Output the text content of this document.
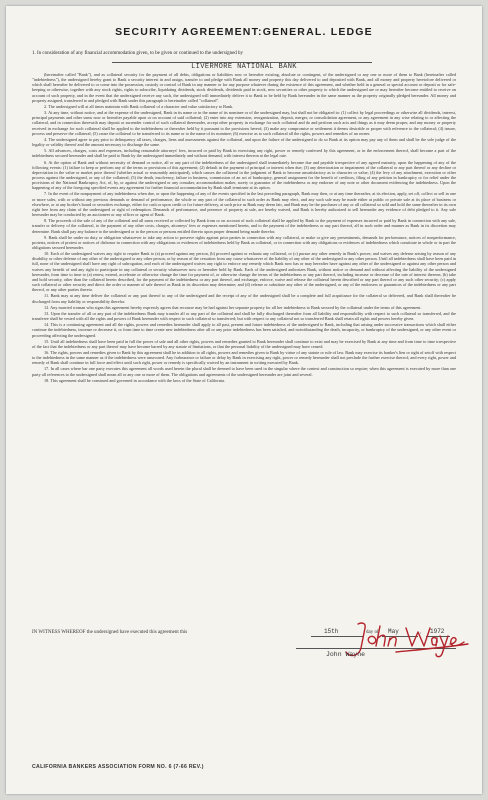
SECURITY AGREEMENT:GENERAL. LEDGE
1. In consideration of any financial accommodation given, to be given or continued to the undersigned by
LIVERMORE NATIONAL BANK

(hereinafter called "Bank"), and as collateral security for the payment of all debts, obligations or liabilities now or hereafter existing, absolute or contingent, of the undersigned or any one or more of them to Bank (hereinafter called "indebtedness"), the undersigned hereby grant to Bank a security interest in and assign, transfer to and pledge with Bank all money and property this day delivered to and deposited with Bank, and all money and property heretofore delivered or which shall hereafter be delivered to or come into the possession, custody or control of Bank in any manner or for any purpose whatever during the existence of this agreement, and whether held in a general or special account or deposit or for safe-keeping or otherwise, together with any stock rights, rights to subscribe, liquidating dividends, stock dividends, dividends paid in stock, new securities or other property to which the undersigned are or may hereafter become entitled to receive on account of such property, and in the event that the undersigned receive any such, the undersigned will immediately deliver it to Bank to be held by Bank hereunder in the same manner as the property originally pledged hereunder. All money and property assigned, transferred to and pledged with Bank under this paragraph is hereinafter called "collateral".

2. The undersigned will at all times maintain with Bank collateral of a character and value satisfactory to Bank.

3. At any time, without notice, and at the expense of the undersigned, Bank in its name or in the name of its nominee or of the undersigned may, but shall not be obligated to: (1) collect by legal proceedings or otherwise all dividends, interest, principal payments and other sums now or hereafter payable upon or on account of said collateral; (2) enter into any extension, reorganization, deposit, merger, or consolidation agreement, or any agreement in any wise relating to or affecting the collateral, and in connection therewith may deposit or surrender control of such collateral thereunder, accept other property in exchange for such collateral and do and perform such acts and things as it may deem proper, and any money or property received in exchange for such collateral shall be applied to the indebtedness or thereafter held by it pursuant to the provisions hereof; (3) make any compromise or settlement it deems desirable or proper with reference to the collateral; (4) insure, process and preserve the collateral; (5) cause the collateral to be transferred to its name or to the name of its nominee; (6) exercise as to such collateral all the rights, powers and remedies of an owner.

4. The undersigned agree to pay prior to delinquency all taxes, charges, liens and assessments against the collateral, and upon the failure of the undersigned to do so Bank at its option may pay any of them and shall be the sole judge of the legality or validity thereof and the amount necessary to discharge the same.

5. All advances, charges, costs and expenses, including reasonable attorneys' fees, incurred or paid by Bank in exercising any right, power or remedy conferred by this agreement, or in the enforcement thereof, shall become a part of the indebtedness secured hereunder and shall be paid to Bank by the undersigned immediately and without demand, with interest thereon at the legal rate.

6. At the option of Bank and without necessity of demand or notice, all or any part of the indebtedness of the undersigned shall immediately become due and payable irrespective of any agreed maturity, upon the happening of any of the following events: (1) failure to keep or perform any of the terms or provisions of this agreement; (2) default in the payment of principal or interest when due; (3) any deterioration or impairment of the collateral or any part thereof or any decline or depreciation in the value or market price thereof (whether actual or reasonably anticipated), which causes the collateral in the judgment of Bank to become unsatisfactory as to character or value; (4) the levy of any attachment, execution or other process against the undersigned, or any of the collateral; (5) the death, insolvency, failure in business, commission of an act of bankruptcy, general assignment for the benefit of creditors, filing of any petition in bankruptcy or for relief under the provisions of the National Bankruptcy Act, of, by, or against the undersigned or any comaker, accommodation maker, surety or guarantor of the indebtedness or any endorser of any note or other document evidencing the indebtedness. Upon the happening of any of the foregoing specified events any agreement for further financial accommodation by Bank shall terminate at its option.

7. In the event of the nonpayment of any indebtedness when due, or upon the happening of any of the events specified in the last preceding paragraph, Bank may then, or at any time thereafter, at its election, apply, set off, collect or sell in one or more sales, with or without any previous demands or demand of performance, the whole or any part of the collateral in such order as Bank may elect, and any such sale may be made either at public or private sale at its place of business or elsewhere, or at any broker's board or securities exchange, either for cash or upon credit or for future delivery, at such price as Bank may deem fair, and Bank may be the purchaser of any or all collateral so sold and hold the same thereafter in its own right free from any claim of the undersigned or right of redemption. Demands of performance, and presence of property at sale, are hereby waived, and Bank is hereby authorized to sell hereunder any evidence of debt pledged to it. Any sale hereunder may be conducted by an auctioneer or any officer or agent of Bank.

8. The proceeds of the sale of any of the collateral and all sums received or collected by Bank from or on account of such collateral shall be applied by Bank to the payment of expenses incurred or paid by Bank in connection with any sale, transfer or delivery of the collateral, to the payment of any other costs, charges, attorneys' fees or expenses mentioned herein, and to the payment of the indebtedness or any part thereof, all in such order and manner as Bank in its discretion may determine. Bank shall pay any balance to the undersigned or to the person or persons entitled thereto upon proper demand being made therefor.

9. Bank shall be under no duty or obligation whatsoever to take any action to preserve rights against prior parties in connection with any collateral, or make or give any presentments, demands for performance, notices of nonperformance, protests, notices of protest or notices of dishonor in connection with any obligations or evidences of indebtedness held by Bank as collateral, or in connection with any obligations or evidences of indebtedness which constitute in whole or in part the obligations secured hereunder.

10. Each of the undersigned waives any right to require Bank to (a) proceed against any person, (b) proceed against or exhaust any collateral, or (c) pursue any other remedy in Bank's power; and waives any defense arising by reason of any disability or other defense of any other of the undersigned or any other person, or by reason of the cessation from any cause whatsoever of the liability of any other of the undersigned or any other person. Until all indebtedness shall have been paid in full, none of the undersigned shall have any right of subrogation, and each of the undersigned waives any right to enforce any remedy which Bank now has or may hereafter have against any other of the undersigned or against any other person and waives any benefit of and any right to participate in any collateral or security whatsoever now or hereafter held by Bank. Each of the undersigned authorizes Bank, without notice or demand and without affecting the liability of the undersigned hereunder, from time to time to (a) renew, extend, accelerate or otherwise change the time for payment of, or otherwise change the terms of the indebtedness or any part thereof, including increase or decrease of the rate of interest thereon; (b) take and hold security, other than the collateral herein described, for the payment of the indebtedness or any part thereof, and exchange, enforce, waive and release the collateral herein described or any part thereof or any such other security; (c) apply such collateral or other security and direct the order or manner of sale thereof as Bank in its discretion may determine; and (d) release or substitute any other of the undersigned, or any of the endorsers or guarantors of the indebtedness or any part thereof, or any other parties thereto.

11. Bank may at any time deliver the collateral or any part thereof to any of the undersigned and the receipt of any of the undersigned shall be a complete and full acquittance for the collateral so delivered, and Bank shall thereafter be discharged from any liability or responsibility therefor.

12. Any married woman who signs this agreement hereby expressly agrees that recourse may be had against her separate property for all her indebtedness to Bank secured by the collateral under the terms of this agreement.

13. Upon the transfer of all or any part of the indebtedness Bank may transfer all or any part of the collateral and shall be fully discharged thereafter from all liability and responsibility with respect to such collateral so transferred, and the transferee shall be vested with all the rights and powers of Bank hereunder with respect to such collateral so transferred; but with respect to any collateral not so transferred Bank shall retain all rights and powers hereby given.

14. This is a continuing agreement and all the rights, powers and remedies hereunder shall apply to all past, present and future indebtedness of the undersigned to Bank, including that arising under successive transactions which shall either continue the indebtedness, increase or decrease it, or from time to time create new indebtedness after all or any prior indebtedness has been satisfied, and notwithstanding the death, incapacity, or bankruptcy of the undersigned, or any other event or proceeding affecting the undersigned.

15. Until all indebtedness shall have been paid in full the power of sale and all other rights, powers and remedies granted to Bank hereunder shall continue to exist and may be exercised by Bank at any time and from time to time irrespective of the fact that the indebtedness or any part thereof may have become barred by any statute of limitations, or that the personal liability of the undersigned may have ceased.

16. The rights, powers and remedies given to Bank by this agreement shall be in addition to all rights, powers and remedies given to Bank by virtue of any statute or rule of law. Bank may exercise its banker's lien or right of setoff with respect to the indebtedness in the same manner as if the indebtedness were unsecured. Any forbearance or failure or delay by Bank in exercising any right, power or remedy hereunder shall not preclude the further exercise thereof; and every right, power and remedy of Bank shall continue in full force and effect until such right, power or remedy is specifically waived by an instrument in writing executed by Bank.

17. In all cases where bar one party executes this agreement all words used herein the plural shall be deemed to have been used in the singular where the context and construction so require; when this agreement is executed by more than one party all references to the undersigned shall mean all or any one or more of them. The obligations and agreements of the undersigned hereunder are joint and several.

18. This agreement shall be construed and governed in accordance with the laws of the State of California.

IN WITNESS WHEREOF the undersigned have executed this agreement this	15th	day of May	, 1972
John Wayne
CALIFORNIA BANKERS ASSOCIATION FORM NO. 6 (7-66 REV.)
